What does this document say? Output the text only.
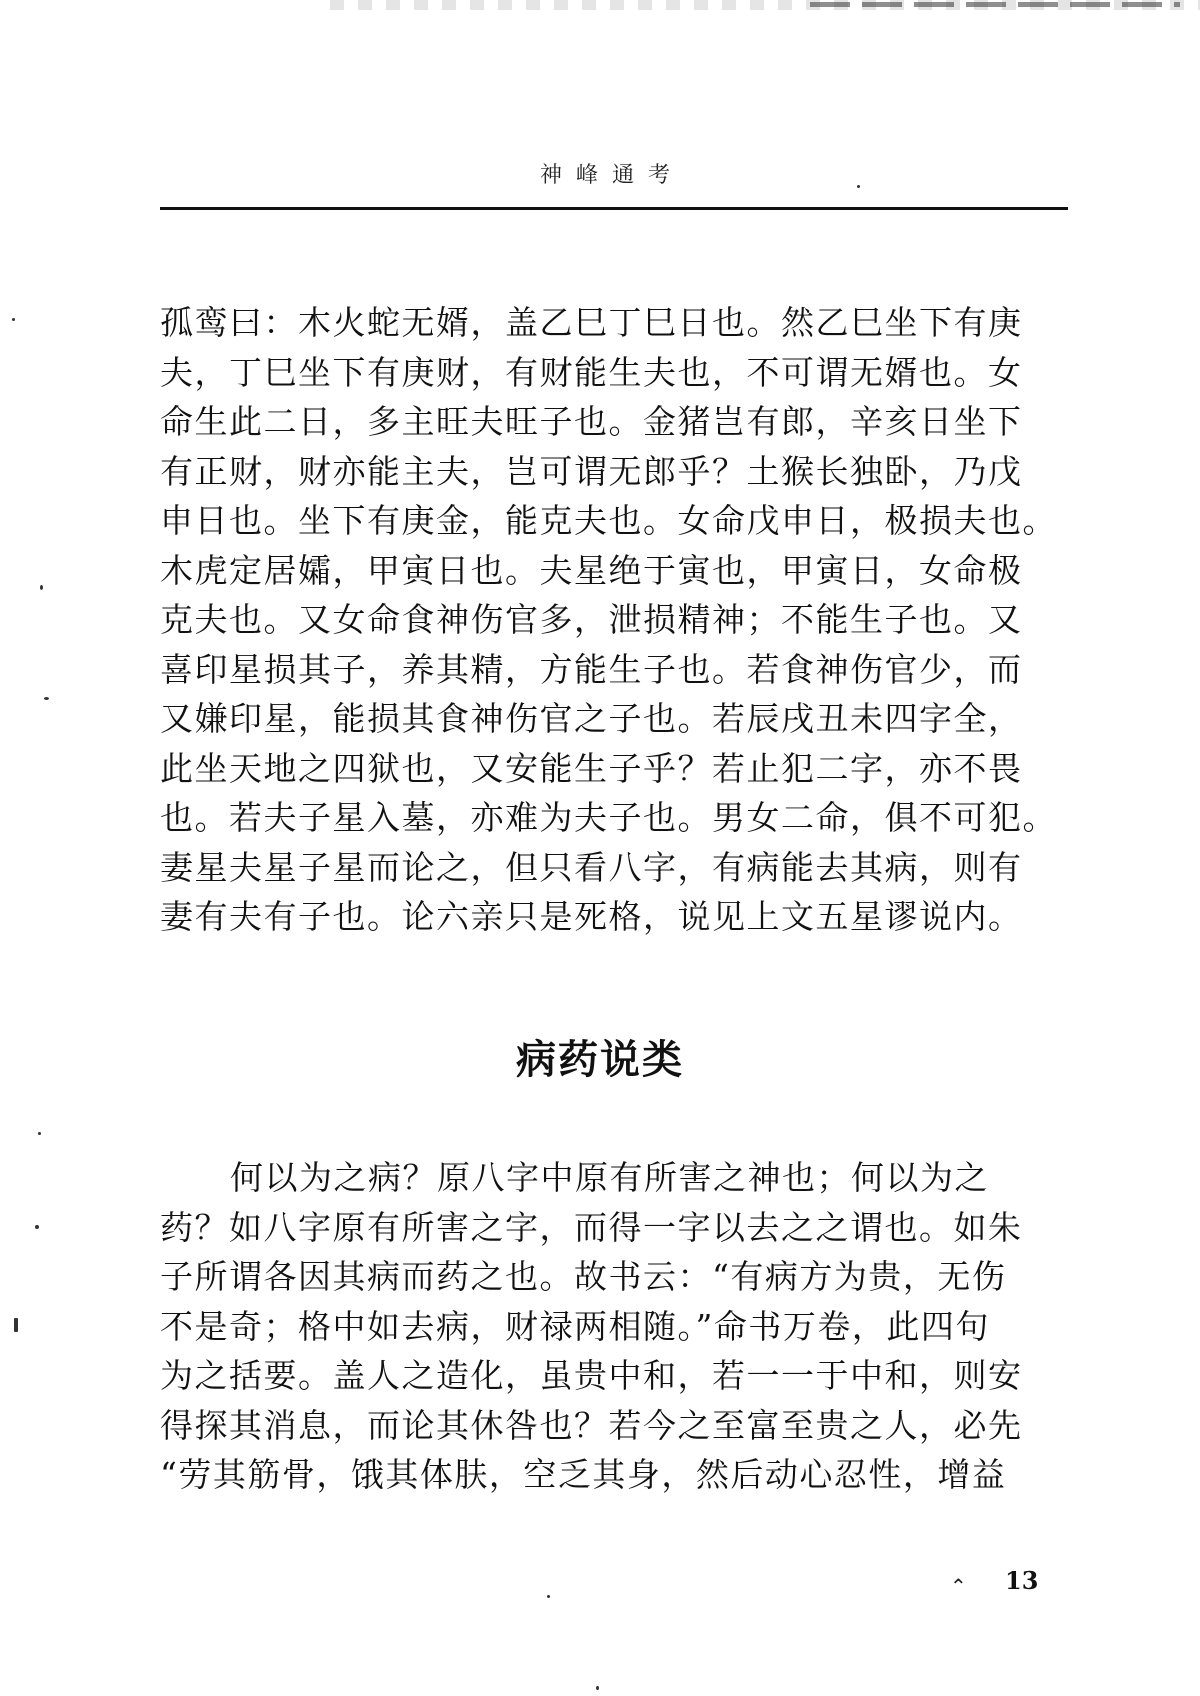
神峰通考
孤鸾曰：木火蛇无婿，盖乙巳丁巳日也。然乙巳坐下有庚
夫，丁巳坐下有庚财，有财能生夫也，不可谓无婿也。女
命生此二日，多主旺夫旺子也。金猪岂有郎，辛亥日坐下
有正财，财亦能主夫，岂可谓无郎乎？土猴长独卧，乃戊
申日也。坐下有庚金，能克夫也。女命戊申日，极损夫也。
木虎定居孀，甲寅日也。夫星绝于寅也，甲寅日，女命极
克夫也。又女命食神伤官多，泄损精神；不能生子也。又
喜印星损其子，养其精，方能生子也。若食神伤官少，而
又嫌印星，能损其食神伤官之子也。若辰戌丑未四字全，
此坐天地之四狱也，又安能生子乎？若止犯二字，亦不畏
也。若夫子星入墓，亦难为夫子也。男女二命，俱不可犯。
妻星夫星子星而论之，但只看八字，有病能去其病，则有
妻有夫有子也。论六亲只是死格，说见上文五星谬说内。
病药说类
何以为之病？原八字中原有所害之神也；何以为之
药？如八字原有所害之字，而得一字以去之之谓也。如朱
子所谓各因其病而药之也。故书云：“有病方为贵，无伤
不是奇；格中如去病，财禄两相随。”命书万卷，此四句
为之括要。盖人之造化，虽贵中和，若一一于中和，则安
得探其消息，而论其休咎也？若今之至富至贵之人，必先
“劳其筋骨，饿其体肤，空乏其身，然后动心忍性，增益
⌃ 13
